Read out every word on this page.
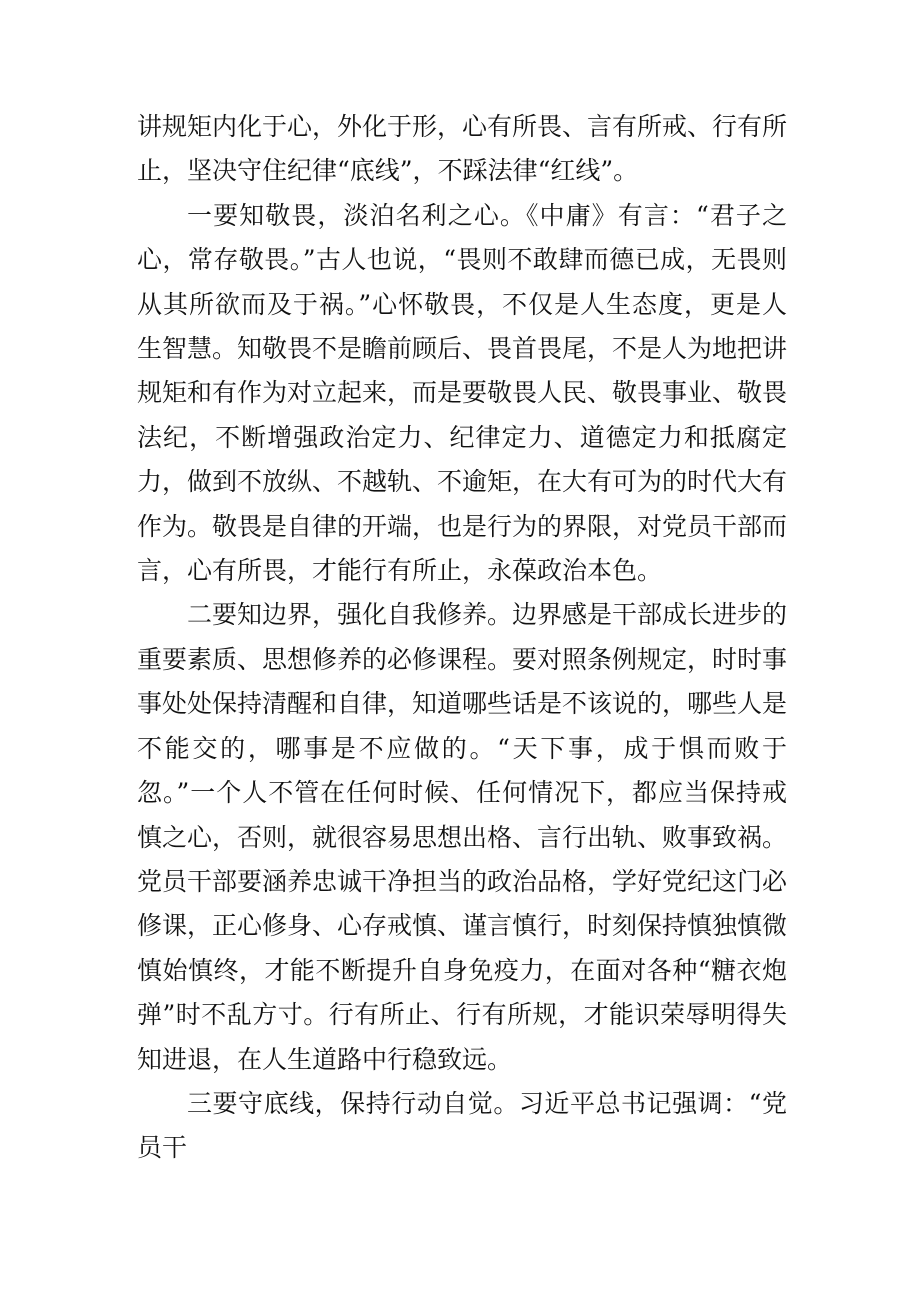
讲规矩内化于心，外化于形，心有所畏、言有所戒、行有所止，坚决守住纪律“底线”，不踩法律“红线”。

一要知敬畏，淡泊名利之心。《中庸》有言：“君子之心，常存敬畏。”古人也说，“畏则不敢肆而德已成，无畏则从其所欲而及于祸。”心怀敬畏，不仅是人生态度，更是人生智慧。知敬畏不是瞻前顾后、畏首畏尾，不是人为地把讲规矩和有作为对立起来，而是要敬畏人民、敬畏事业、敬畏法纪，不断增强政治定力、纪律定力、道德定力和抵腐定力，做到不放纵、不越轨、不逾矩，在大有可为的时代大有作为。敬畏是自律的开端，也是行为的界限，对党员干部而言，心有所畏，才能行有所止，永葆政治本色。

二要知边界，强化自我修养。边界感是干部成长进步的重要素质、思想修养的必修课程。要对照条例规定，时时事事处处保持清醒和自律，知道哪些话是不该说的，哪些人是不能交的，哪事是不应做的。“天下事，成于惧而败于忽。”一个人不管在任何时候、任何情况下，都应当保持戒慎之心，否则，就很容易思想出格、言行出轨、败事致祸。党员干部要涵养忠诚干净担当的政治品格，学好党纪这门必修课，正心修身、心存戒慎、谨言慎行，时刻保持慎独慎微慎始慎终，才能不断提升自身免疫力，在面对各种“糖衣炮弹”时不乱方寸。行有所止、行有所规，才能识荣辱明得失知进退，在人生道路中行稳致远。

三要守底线，保持行动自觉。习近平总书记强调：“党员干
